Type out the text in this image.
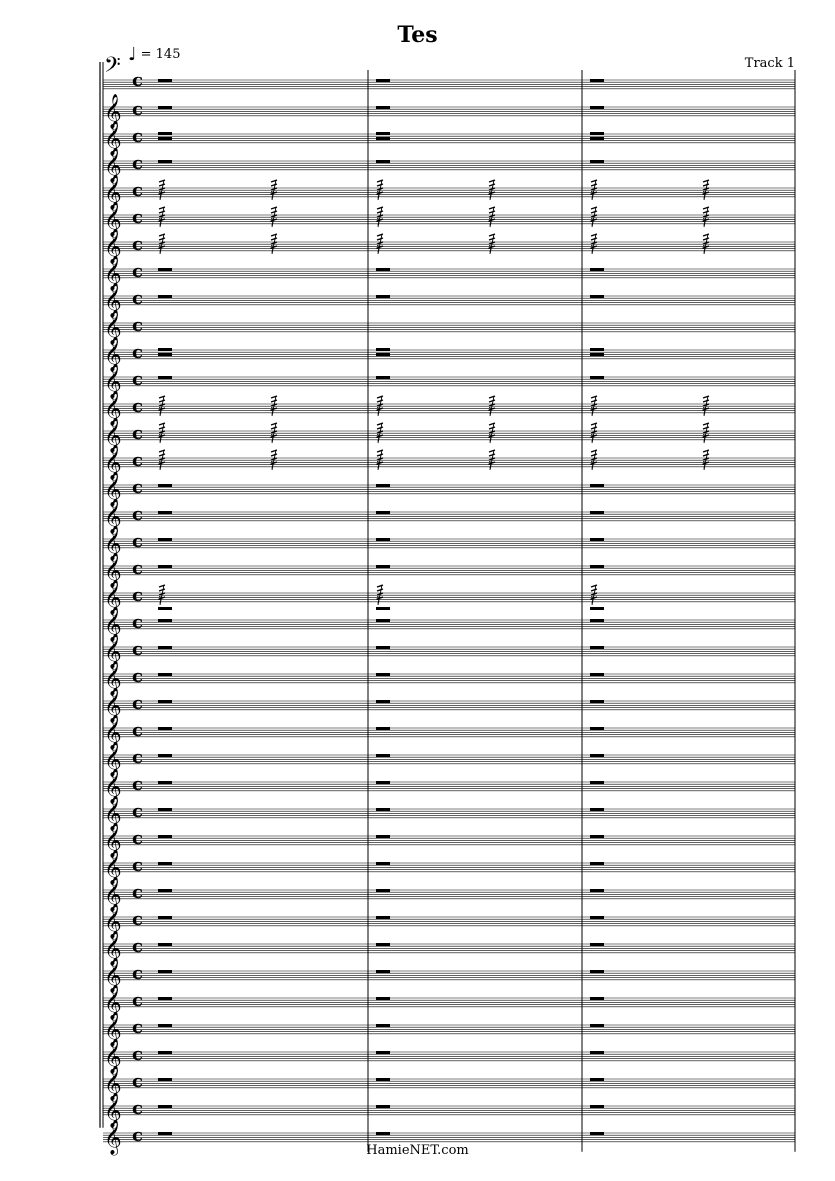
Tes
♩ = 145
Track 1
𝄢 c
𝄞 c
𝄞 c
𝄞 c
𝄞 c
𝄞 c
𝄞 c
𝄞 c
𝄞 c
𝄞 c
𝄞 c
𝄞 c
𝄞 c
𝄞 c
𝄞 c
𝄞 c
𝄞 c
𝄞 c
𝄞 c
𝄞 c
𝄞 c
𝄞 c
𝄞 c
𝄞 c
𝄞 c
𝄞 c
𝄞 c
𝄞 c
𝄞 c
𝄞 c
𝄞 c
𝄞 c
𝄞 c
𝄞 c
𝄞 c
𝄞 c
𝄞 c
𝄞 c
𝄞 c
𝄞 c
HamieNET.com
